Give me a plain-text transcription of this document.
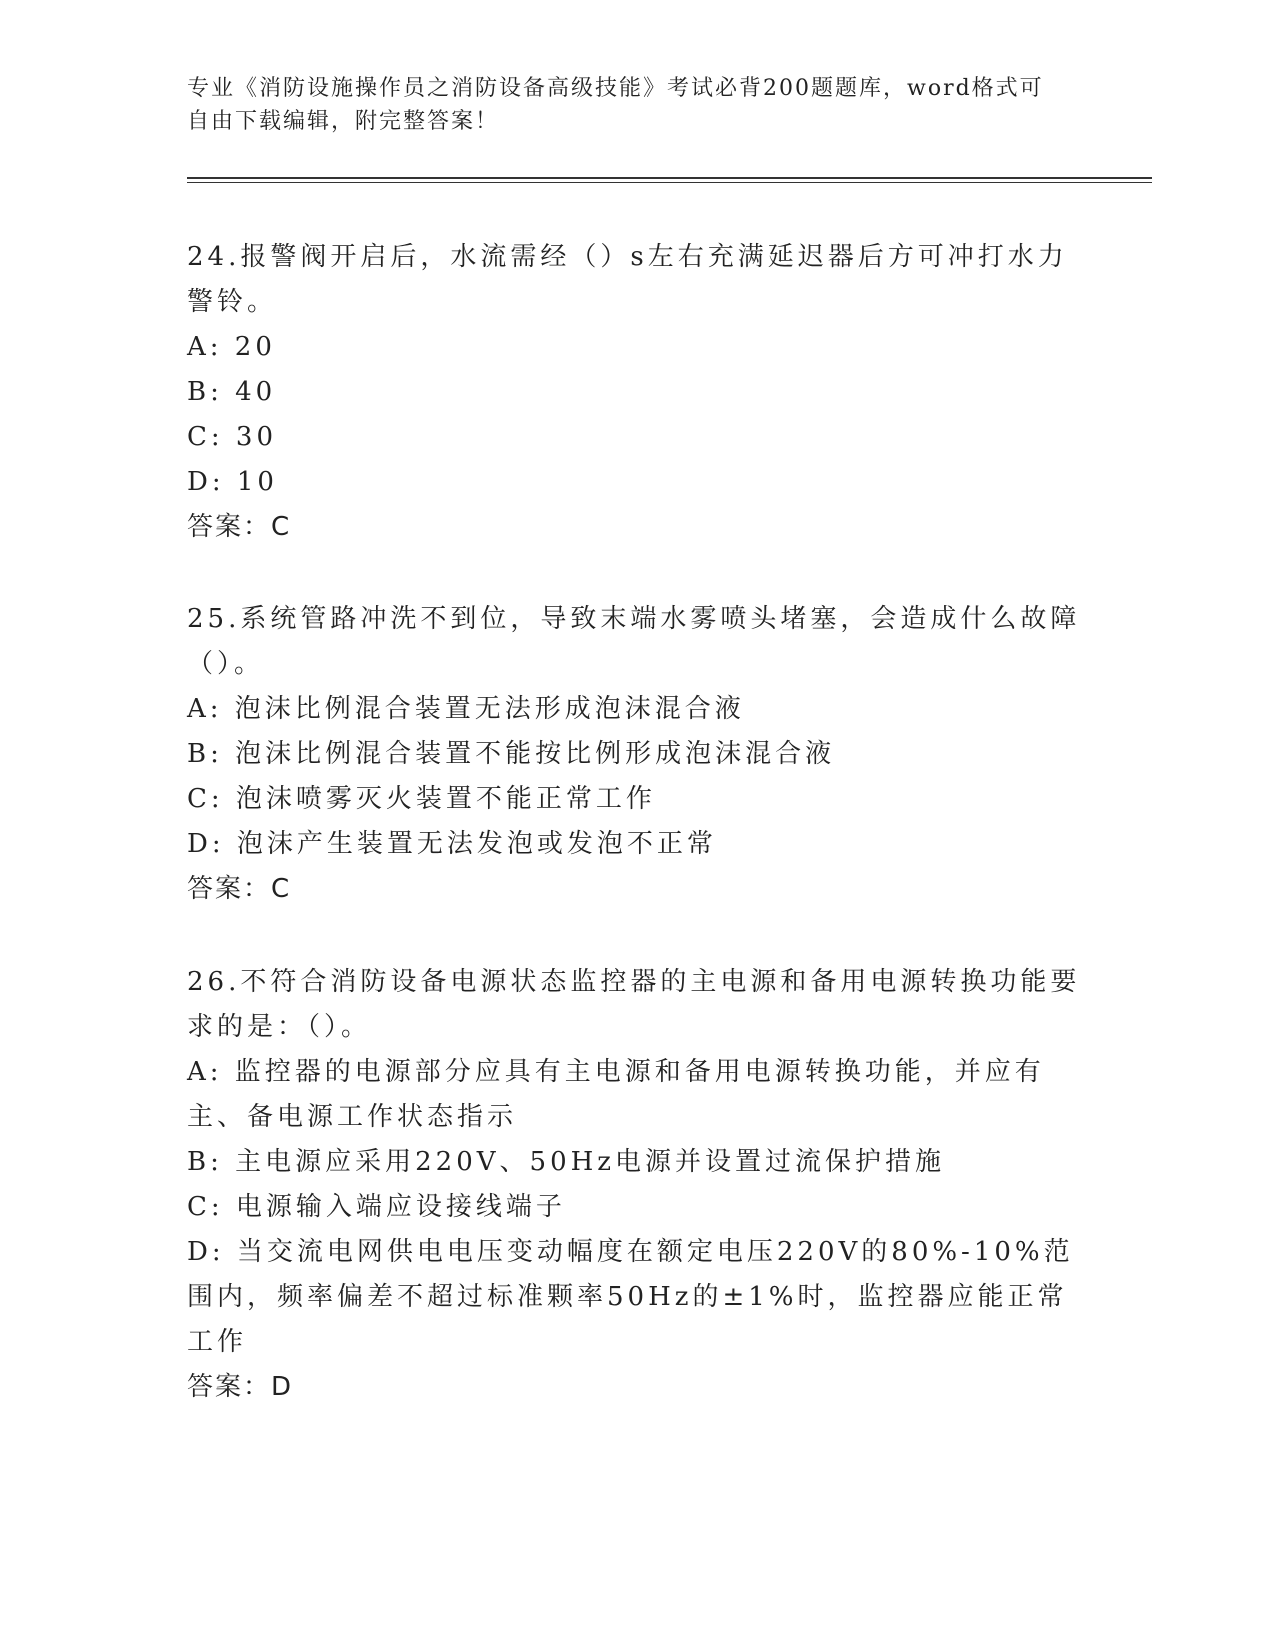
专业《消防设施操作员之消防设备高级技能》考试必背200题题库，word格式可自由下载编辑，附完整答案！
24.报警阀开启后，水流需经（）s左右充满延迟器后方可冲打水力警铃。
A: 20
B: 40
C: 30
D: 10
答案：C
25.系统管路冲洗不到位，导致末端水雾喷头堵塞，会造成什么故障（）。
A: 泡沫比例混合装置无法形成泡沫混合液
B: 泡沫比例混合装置不能按比例形成泡沫混合液
C: 泡沫喷雾灭火装置不能正常工作
D: 泡沫产生装置无法发泡或发泡不正常
答案：C
26.不符合消防设备电源状态监控器的主电源和备用电源转换功能要求的是：（）。
A: 监控器的电源部分应具有主电源和备用电源转换功能，并应有主、备电源工作状态指示
B: 主电源应采用220V、50Hz电源并设置过流保护措施
C: 电源输入端应设接线端子
D: 当交流电网供电电压变动幅度在额定电压220V的80%-10%范围内，频率偏差不超过标准颗率50Hz的±1%时，监控器应能正常工作
答案：D
